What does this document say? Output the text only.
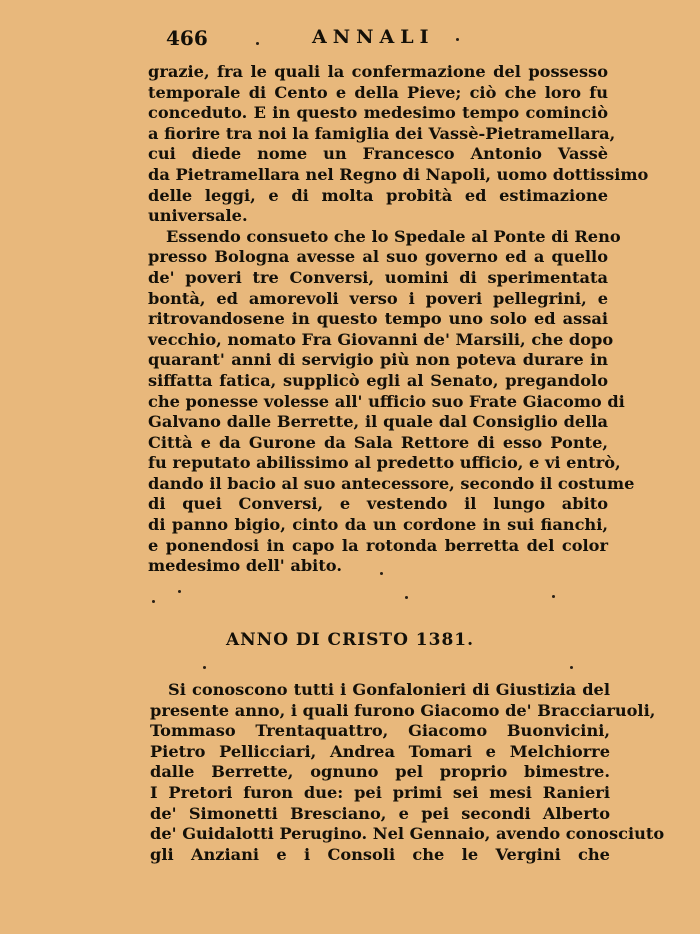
466	ANNALI
grazie, fra le quali la confermazione del possesso
temporale di Cento e della Pieve; ciò che loro fu
conceduto. E in questo medesimo tempo cominciò
a fiorire tra noi la famiglia dei Vassè-Pietramellara,
cui diede nome un Francesco Antonio Vassè
da Pietramellara nel Regno di Napoli, uomo dottissimo
delle leggi, e di molta probità ed estimazione
universale.
Essendo consueto che lo Spedale al Ponte di Reno
presso Bologna avesse al suo governo ed a quello
de' poveri tre Conversi, uomini di sperimentata
bontà, ed amorevoli verso i poveri pellegrini, e
ritrovandosene in questo tempo uno solo ed assai
vecchio, nomato Fra Giovanni de' Marsili, che dopo
quarant' anni di servigio più non poteva durare in
siffatta fatica, supplicò egli al Senato, pregandolo
che ponesse volesse all' ufficio suo Frate Giacomo di
Galvano dalle Berrette, il quale dal Consiglio della
Città e da Gurone da Sala Rettore di esso Ponte,
fu reputato abilissimo al predetto ufficio, e vi entrò,
dando il bacio al suo antecessore, secondo il costume
di quei Conversi, e vestendo il lungo abito
di panno bigio, cinto da un cordone in sui fianchi,
e ponendosi in capo la rotonda berretta del color
medesimo dell' abito.
ANNO DI CRISTO 1381.
Si conoscono tutti i Gonfalonieri di Giustizia del
presente anno, i quali furono Giacomo de' Bracciaruoli,
Tommaso Trentaquattro, Giacomo Buonvicini,
Pietro Pellicciari, Andrea Tomari e Melchiorre
dalle Berrette, ognuno pel proprio bimestre.
I Pretori furon due: pei primi sei mesi Ranieri
de' Simonetti Bresciano, e pei secondi Alberto
de' Guidalotti Perugino. Nel Gennaio, avendo conosciuto
gli Anziani e i Consoli che le Vergini che
